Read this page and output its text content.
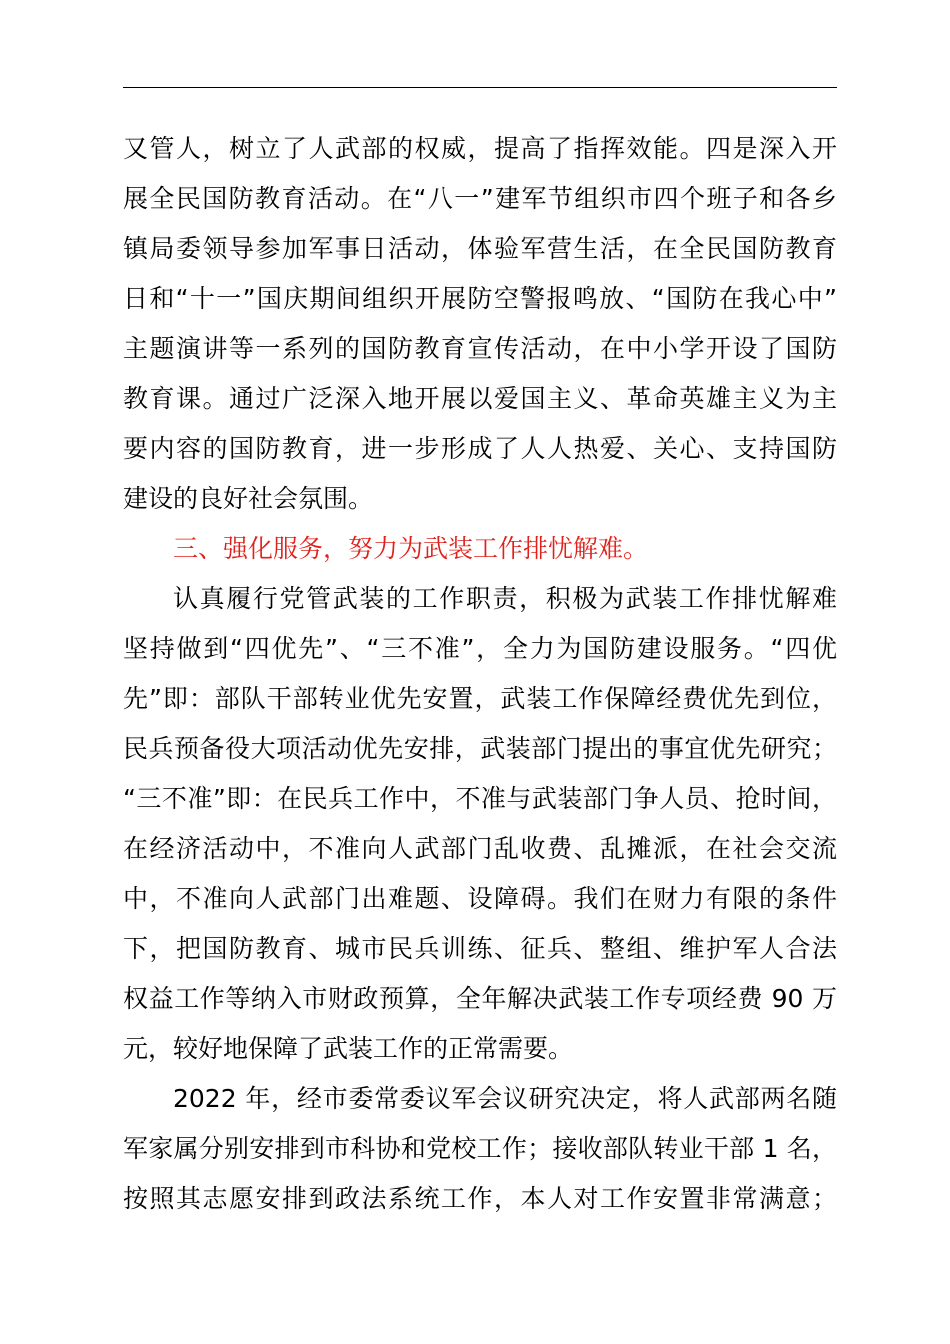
又管人，树立了人武部的权威，提高了指挥效能。四是深入开
展全民国防教育活动。在“八一”建军节组织市四个班子和各乡
镇局委领导参加军事日活动，体验军营生活，在全民国防教育
日和“十一”国庆期间组织开展防空警报鸣放、“国防在我心中”
主题演讲等一系列的国防教育宣传活动，在中小学开设了国防
教育课。通过广泛深入地开展以爱国主义、革命英雄主义为主
要内容的国防教育，进一步形成了人人热爱、关心、支持国防
建设的良好社会氛围。
三、强化服务，努力为武装工作排忧解难。
认真履行党管武装的工作职责，积极为武装工作排忧解难
坚持做到“四优先”、“三不准”，全力为国防建设服务。“四优
先”即：部队干部转业优先安置，武装工作保障经费优先到位，
民兵预备役大项活动优先安排，武装部门提出的事宜优先研究；
“三不准”即：在民兵工作中，不准与武装部门争人员、抢时间，
在经济活动中，不准向人武部门乱收费、乱摊派，在社会交流
中，不准向人武部门出难题、设障碍。我们在财力有限的条件
下，把国防教育、城市民兵训练、征兵、整组、维护军人合法
权益工作等纳入市财政预算，全年解决武装工作专项经费 90 万
元，较好地保障了武装工作的正常需要。
2022 年，经市委常委议军会议研究决定，将人武部两名随
军家属分别安排到市科协和党校工作；接收部队转业干部 1 名，
按照其志愿安排到政法系统工作，本人对工作安置非常满意；
